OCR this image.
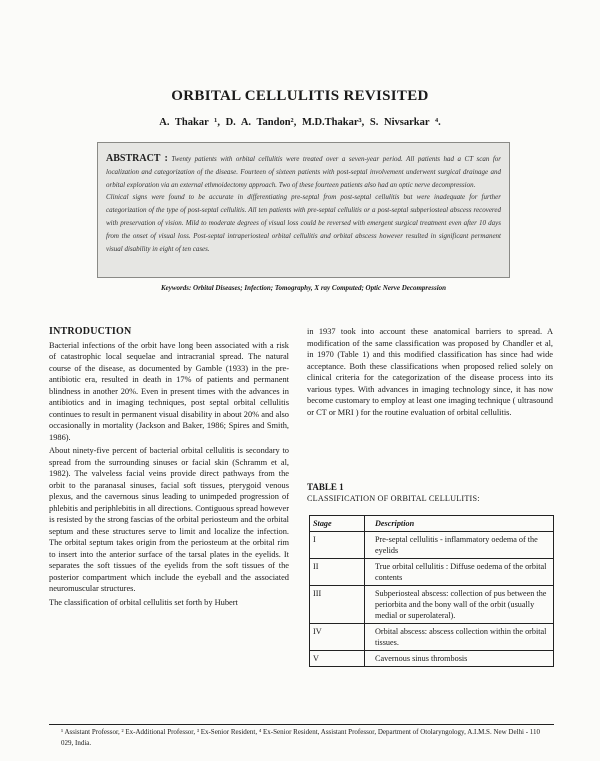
ORBITAL CELLULITIS REVISITED
A. Thakar ¹, D. A. Tandon², M.D.Thakar³, S. Nivsarkar ⁴.

ABSTRACT : Twenty patients with orbital cellulitis were treated over a seven-year period. All patients had a CT scan for localization and categorization of the disease. Fourteen of sixteen patients with post-septal involvement underwent surgical drainage and orbital exploration via an external ethmoidectomy approach. Two of these fourteen patients also had an optic nerve decompression.

Clinical signs were found to be accurate in differentiating pre-septal from post-septal cellulitis but were inadequate for further categorization of the type of post-septal cellulitis. All ten patients with pre-septal cellulitis or a post-septal subperiosteal abscess recovered with preservation of vision. Mild to moderate degrees of visual loss could be reversed with emergent surgical treatment even after 10 days from the onset of visual loss. Post-septal intraperiosteal orbital cellulitis and orbital abscess however resulted in significant permanent visual disability in eight of ten cases.

Keywords: Orbital Diseases; Infection; Tomography, X ray Computed; Optic Nerve Decompression
INTRODUCTION

Bacterial infections of the orbit have long been associated with a risk of catastrophic local sequelae and intracranial spread. The natural course of the disease, as documented by Gamble (1933) in the pre-antibiotic era, resulted in death in 17% of patients and permanent blindness in another 20%. Even in present times with the advances in antibiotics and in imaging techniques, post septal orbital cellulitis continues to result in permanent visual disability in about 20% and also occasionally in mortality (Jackson and Baker, 1986; Spires and Smith, 1986).

About ninety-five percent of bacterial orbital cellulitis is secondary to spread from the surrounding sinuses or facial skin (Schramm et al, 1982). The valveless facial veins provide direct pathways from the orbit to the paranasal sinuses, facial soft tissues, pterygoid venous plexus, and the cavernous sinus leading to unimpeded progression of phlebitis and periphlebitis in all directions. Contiguous spread however is resisted by the strong fascias of the orbital periosteum and the orbital septum and these structures serve to limit and localize the infection. The orbital septum takes origin from the periosteum at the orbital rim to insert into the anterior surface of the tarsal plates in the eyelids. It separates the soft tissues of the eyelids from the soft tissues of the posterior compartment which include the eyeball and the associated neuromuscular structures.

The classification of orbital cellulitis set forth by Hubert

in 1937 took into account these anatomical barriers to spread. A modification of the same classification was proposed by Chandler et al, in 1970 (Table 1) and this modified classification has since had wide acceptance. Both these classifications when proposed relied solely on clinical criteria for the categorization of the disease process into its various types. With advances in imaging technology since, it has now become customary to employ at least one imaging technique ( ultrasound or CT or MRI ) for the routine evaluation of orbital cellulitis.

TABLE 1
CLASSIFICATION OF ORBITAL CELLULITIS:
Stage	Description
I	Pre-septal cellulitis - inflammatory oedema of the eyelids
II	True orbital cellulitis : Diffuse oedema of the orbital contents
III	Subperiosteal abscess: collection of pus between the periorbita and the bony wall of the orbit (usually medial or superolateral).
IV	Orbital abscess: abscess collection within the orbital tissues.
V	Cavernous sinus thrombosis
¹ Assistant Professor, ² Ex-Additional Professor, ³ Ex-Senior Resident, ⁴ Ex-Senior Resident, Assistant Professor, Department of Otolaryngology, A.I.M.S. New Delhi - 110 029, India.
